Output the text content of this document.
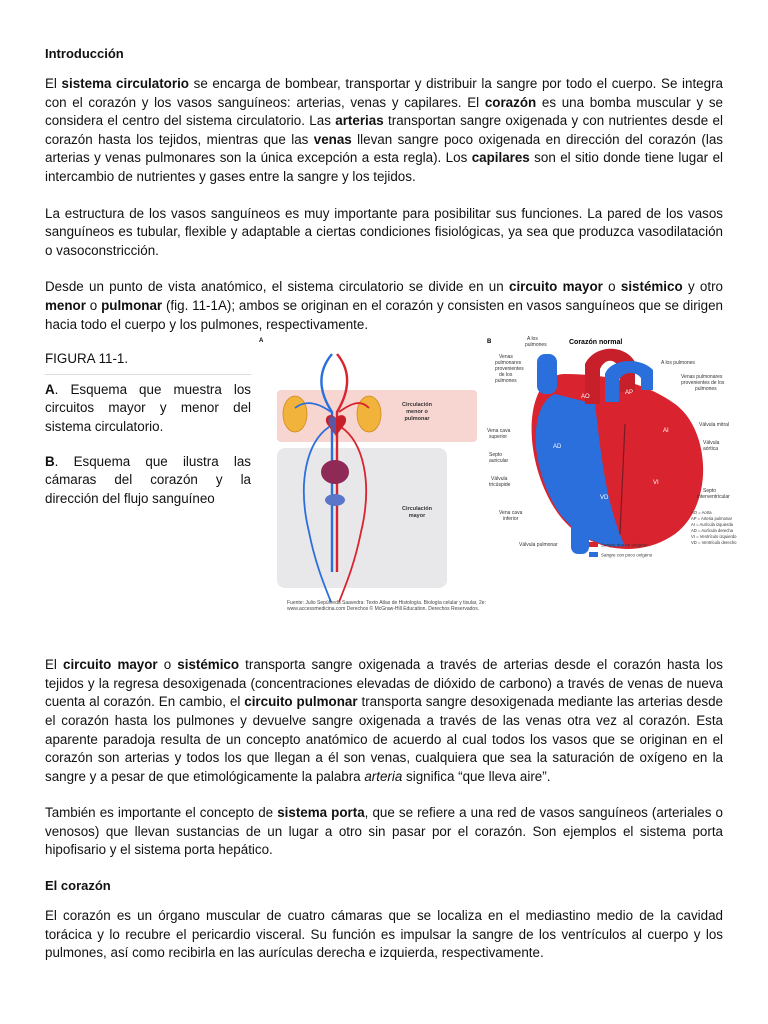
Introducción

El sistema circulatorio se encarga de bombear, transportar y distribuir la sangre por todo el cuerpo. Se integra con el corazón y los vasos sanguíneos: arterias, venas y capilares. El corazón es una bomba muscular y se considera el centro del sistema circulatorio. Las arterias transportan sangre oxigenada y con nutrientes desde el corazón hasta los tejidos, mientras que las venas llevan sangre poco oxigenada en dirección del corazón (las arterias y venas pulmonares son la única excepción a esta regla). Los capilares son el sitio donde tiene lugar el intercambio de nutrientes y gases entre la sangre y los tejidos.

La estructura de los vasos sanguíneos es muy importante para posibilitar sus funciones. La pared de los vasos sanguíneos es tubular, flexible y adaptable a ciertas condiciones fisiológicas, ya sea que produzca vasodilatación o vasoconstricción.

Desde un punto de vista anatómico, el sistema circulatorio se divide en un circuito mayor o sistémico y otro menor o pulmonar (fig. 11-1A); ambos se originan en el corazón y consisten en vasos sanguíneos que se dirigen hacia todo el cuerpo y los pulmones, respectivamente.

FIGURA 11-1.
A. Esquema que muestra los circuitos mayor y menor del sistema circulatorio.
B. Esquema que ilustra las cámaras del corazón y la dirección del flujo sanguíneo
A
Circulación
menor o
pulmonar
Circulación
mayor
B	Corazón normal
AD
VD
VI
AI
AO
AP
A los
pulmones
Venas
pulmonares
provenientes
de los
pulmones
Vena cava
superior
Septo
auricular
Válvula
tricúspide
Vena cava
inferior
Válvula pulmonar
A los pulmones
Venas pulmonares
provenientes de los
pulmones
Válvula mitral
Válvula
aórtica
Septo
interventricular
AO = Aorta
AP = Arteria pulmonar
AI = Aurícula izquierda
AD = Aurícula derecha
VI = Ventrículo izquierdo
VD = Ventrículo derecho
Sangre rica en oxígeno
Sangre con poco oxígeno
Fuente: Julio Sepúlveda Saavedra: Texto Atlas de Histología. Biología celular y tisular, 2e: www.accessmedicina.com Derechos © McGraw-Hill Education. Derechos Reservados.

El circuito mayor o sistémico transporta sangre oxigenada a través de arterias desde el corazón hasta los tejidos y la regresa desoxigenada (concentraciones elevadas de dióxido de carbono) a través de venas de nueva cuenta al corazón. En cambio, el circuito pulmonar transporta sangre desoxigenada mediante las arterias desde el corazón hasta los pulmones y devuelve sangre oxigenada a través de las venas otra vez al corazón. Esta aparente paradoja resulta de un concepto anatómico de acuerdo al cual todos los vasos que se originan en el corazón son arterias y todos los que llegan a él son venas, cualquiera que sea la saturación de oxígeno en la sangre y a pesar de que etimológicamente la palabra arteria significa “que lleva aire”.

También es importante el concepto de sistema porta, que se refiere a una red de vasos sanguíneos (arteriales o venosos) que llevan sustancias de un lugar a otro sin pasar por el corazón. Son ejemplos el sistema porta hipofisario y el sistema porta hepático.

El corazón

El corazón es un órgano muscular de cuatro cámaras que se localiza en el mediastino medio de la cavidad torácica y lo recubre el pericardio visceral. Su función es impulsar la sangre de los ventrículos al cuerpo y los pulmones, así como recibirla en las aurículas derecha e izquierda, respectivamente.
